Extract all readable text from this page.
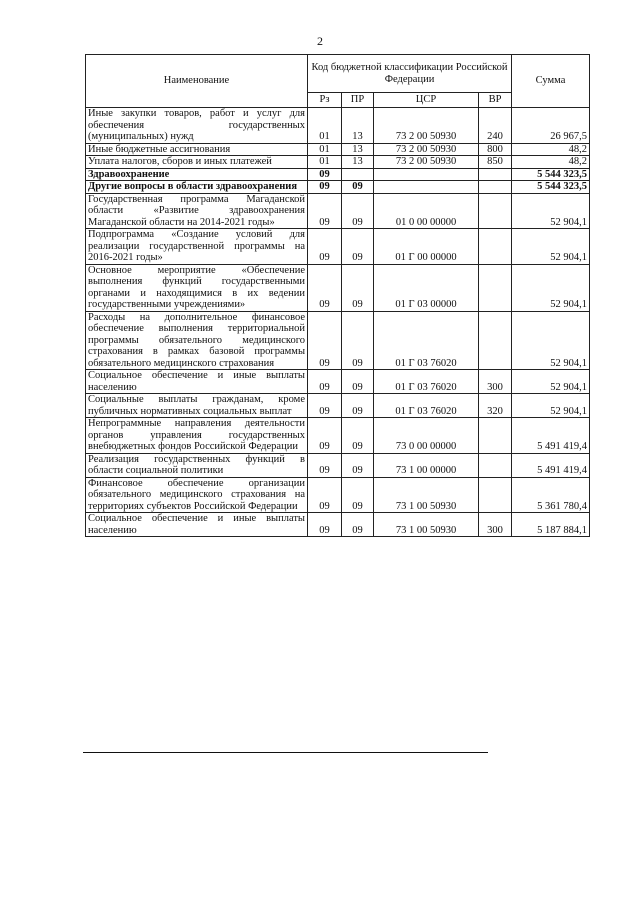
2
Наименование	Код бюджетной классификации Российской Федерации				Сумма
	Рз	ПР	ЦСР	ВР	

Иные закупки товаров, работ и услуг для обеспечения государственных (муниципальных) нужд	01	13	73 2 00 50930	240	26 967,5

Иные бюджетные ассигнования	01	13	73 2 00 50930	800	48,2

Уплата налогов, сборов и иных платежей	01	13	73 2 00 50930	850	48,2

Здравоохранение	09				5 544 323,5

Другие вопросы в области здравоохранения	09	09			5 544 323,5

Государственная программа Магаданской области «Развитие здравоохранения Магаданской области на 2014-2021 годы»	09	09	01 0 00 00000		52 904,1

Подпрограмма «Создание условий для реализации государственной программы на 2016-2021 годы»	09	09	01 Г 00 00000		52 904,1

Основное мероприятие «Обеспечение выполнения функций государственными органами и находящимися в их ведении государственными учреждениями»	09	09	01 Г 03 00000		52 904,1

Расходы на дополнительное финансовое обеспечение выполнения территориальной программы обязательного медицинского страхования в рамках базовой программы обязательного медицинского страхования	09	09	01 Г 03 76020		52 904,1

Социальное обеспечение и иные выплаты населению	09	09	01 Г 03 76020	300	52 904,1

Социальные выплаты гражданам, кроме публичных нормативных социальных выплат	09	09	01 Г 03 76020	320	52 904,1

Непрограммные направления деятельности органов управления государственных внебюджетных фондов Российской Федерации	09	09	73 0 00 00000		5 491 419,4

Реализация государственных функций в области социальной политики	09	09	73 1 00 00000		5 491 419,4

Финансовое обеспечение организации обязательного медицинского страхования на территориях субъектов Российской Федерации	09	09	73 1 00 50930		5 361 780,4

Социальное обеспечение и иные выплаты населению	09	09	73 1 00 50930	300	5 187 884,1
